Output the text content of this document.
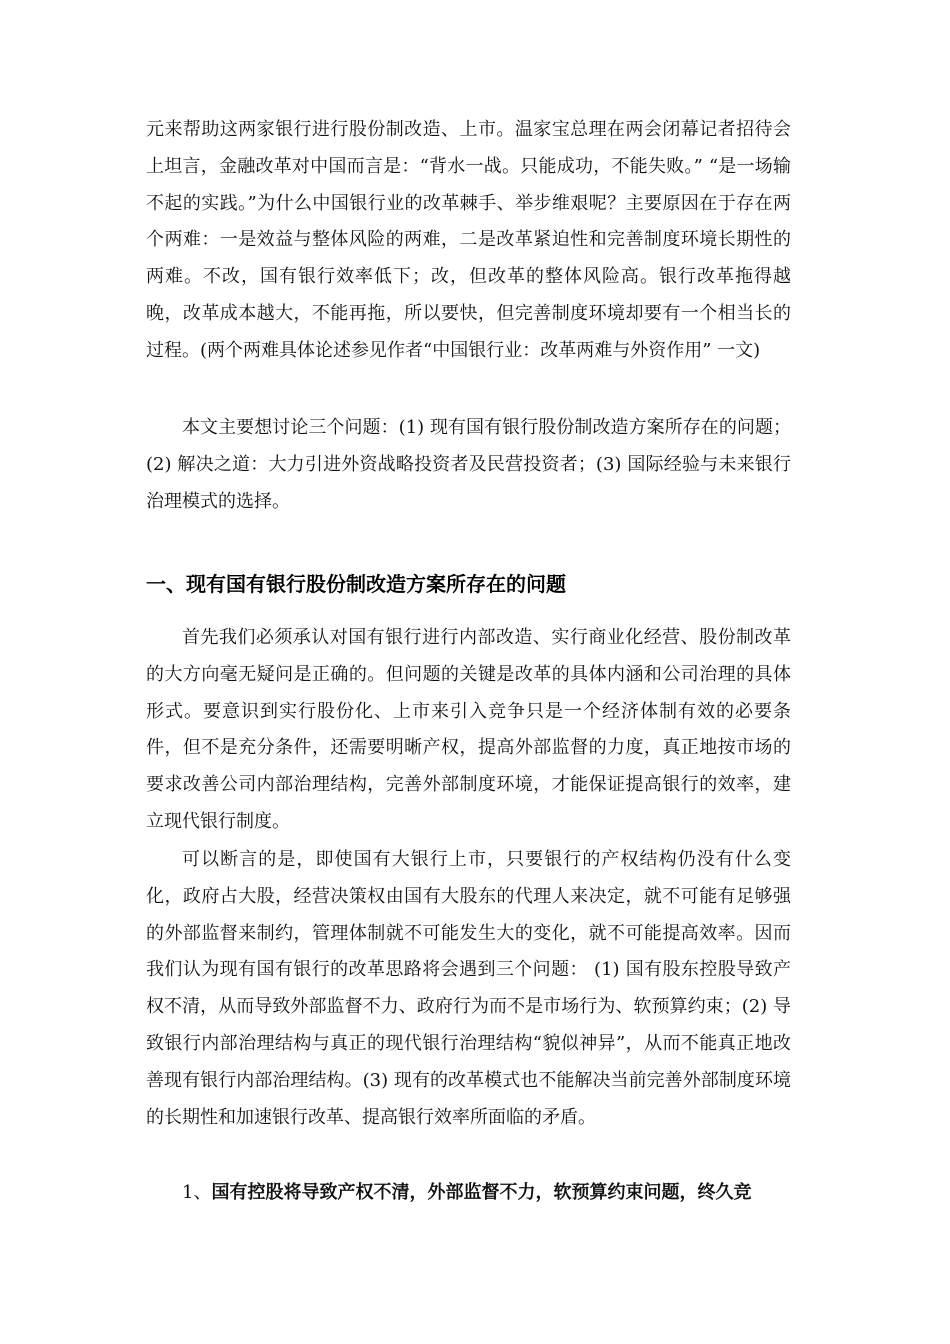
元来帮助这两家银行进行股份制改造、上市。温家宝总理在两会闭幕记者招待会上坦言，金融改革对中国而言是：“背水一战。只能成功，不能失败。” “是一场输不起的实践。”为什么中国银行业的改革棘手、举步维艰呢？主要原因在于存在两个两难：一是效益与整体风险的两难，二是改革紧迫性和完善制度环境长期性的两难。不改，国有银行效率低下；改，但改革的整体风险高。银行改革拖得越晚，改革成本越大，不能再拖，所以要快，但完善制度环境却要有一个相当长的过程。(两个两难具体论述参见作者“中国银行业：改革两难与外资作用” 一文)

本文主要想讨论三个问题：(1) 现有国有银行股份制改造方案所存在的问题；(2) 解决之道：大力引进外资战略投资者及民营投资者；(3) 国际经验与未来银行治理模式的选择。

一、现有国有银行股份制改造方案所存在的问题

首先我们必须承认对国有银行进行内部改造、实行商业化经营、股份制改革的大方向毫无疑问是正确的。但问题的关键是改革的具体内涵和公司治理的具体形式。要意识到实行股份化、上市来引入竞争只是一个经济体制有效的必要条件，但不是充分条件，还需要明晰产权，提高外部监督的力度，真正地按市场的要求改善公司内部治理结构，完善外部制度环境，才能保证提高银行的效率，建立现代银行制度。

可以断言的是，即使国有大银行上市，只要银行的产权结构仍没有什么变化，政府占大股，经营决策权由国有大股东的代理人来决定，就不可能有足够强的外部监督来制约，管理体制就不可能发生大的变化，就不可能提高效率。因而我们认为现有国有银行的改革思路将会遇到三个问题： (1) 国有股东控股导致产权不清，从而导致外部监督不力、政府行为而不是市场行为、软预算约束；(2) 导致银行内部治理结构与真正的现代银行治理结构“貌似神异”，从而不能真正地改善现有银行内部治理结构。(3) 现有的改革模式也不能解决当前完善外部制度环境的长期性和加速银行改革、提高银行效率所面临的矛盾。

1、国有控股将导致产权不清，外部监督不力，软预算约束问题，终久竞
